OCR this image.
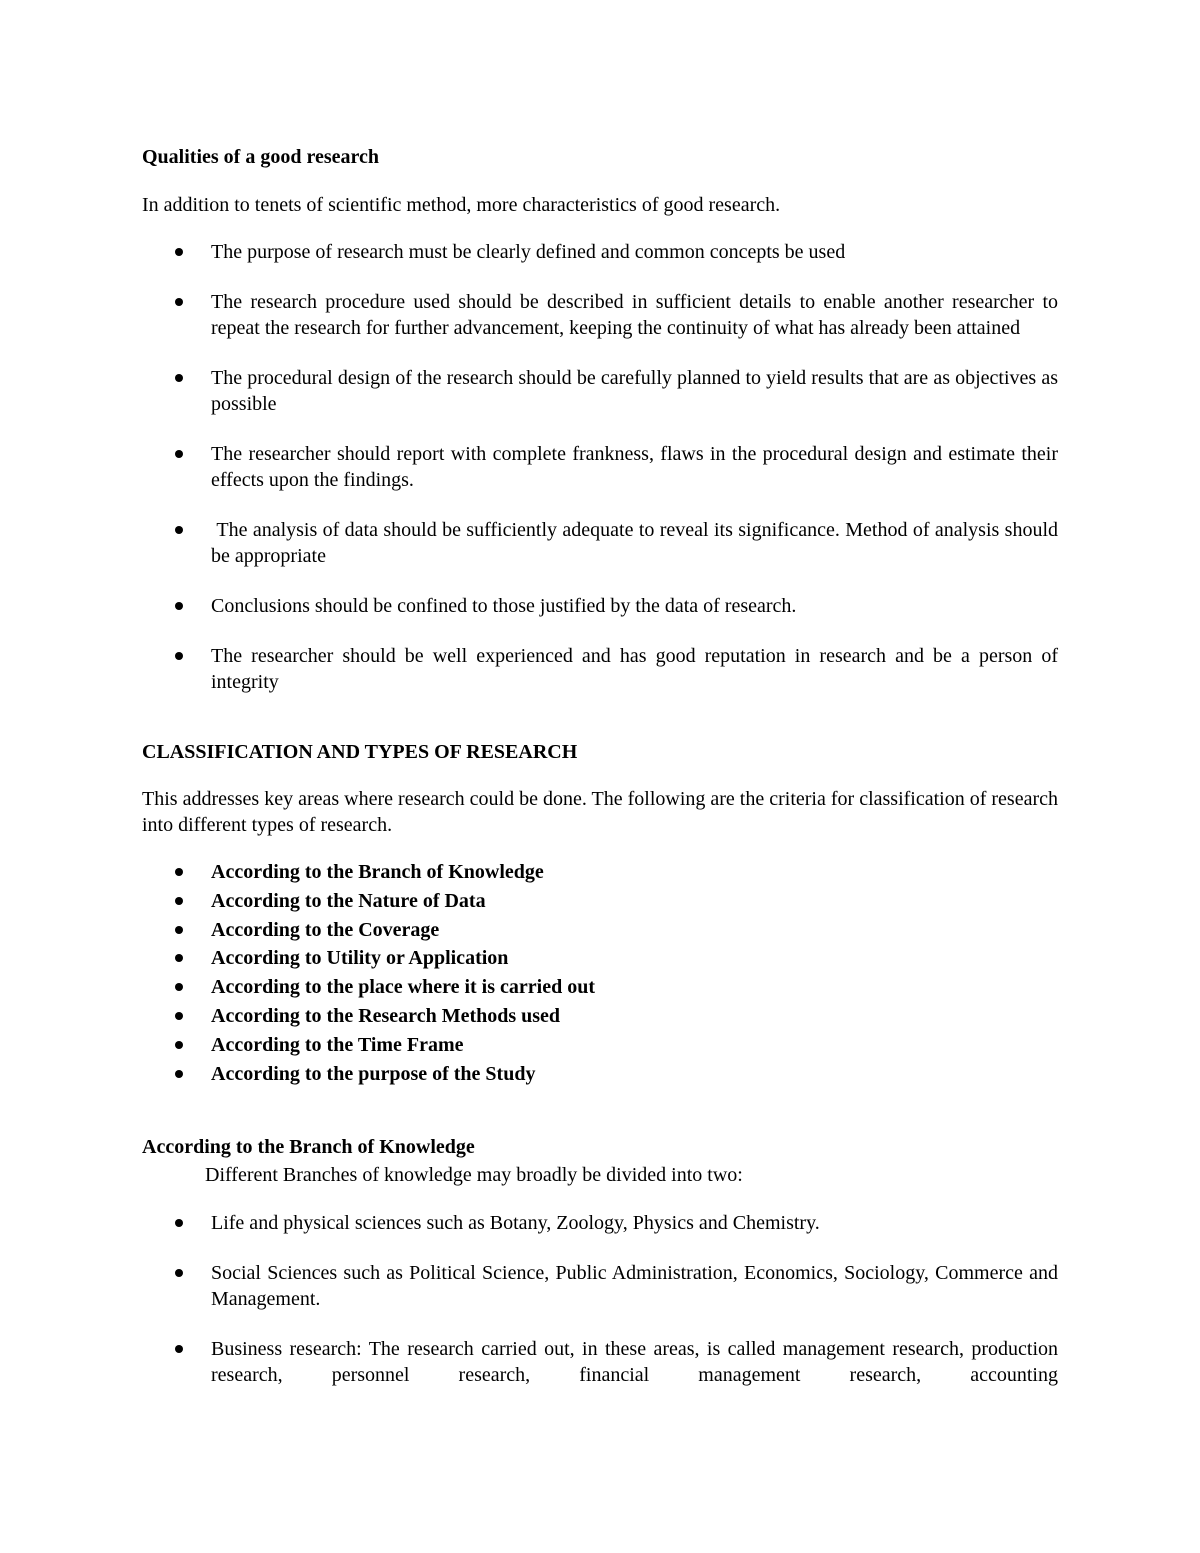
Qualities of a good research

In addition to tenets of scientific method, more characteristics of good research.

The purpose of research must be clearly defined and common concepts be used
The research procedure used should be described in sufficient details to enable another researcher to repeat the research for further advancement, keeping the continuity of what has already been attained
The procedural design of the research should be carefully planned to yield results that are as objectives as possible
The researcher should report with complete frankness, flaws in the procedural design and estimate their effects upon the findings.
The analysis of data should be sufficiently adequate to reveal its significance. Method of analysis should be appropriate
Conclusions should be confined to those justified by the data of research.
The researcher should be well experienced and has good reputation in research and be a person of integrity

CLASSIFICATION AND TYPES OF RESEARCH

This addresses key areas where research could be done. The following are the criteria for classification of research into different types of research.

According to the Branch of Knowledge
According to the Nature of Data
According to the Coverage
According to Utility or Application
According to the place where it is carried out
According to the Research Methods used
According to the Time Frame
According to the purpose of the Study

According to the Branch of Knowledge

Different Branches of knowledge may broadly be divided into two:

Life and physical sciences such as Botany, Zoology, Physics and Chemistry.
Social Sciences such as Political Science, Public Administration, Economics, Sociology, Commerce and Management.
Business research: The research carried out, in these areas, is called management research, production research, personnel research, financial management research, accounting
